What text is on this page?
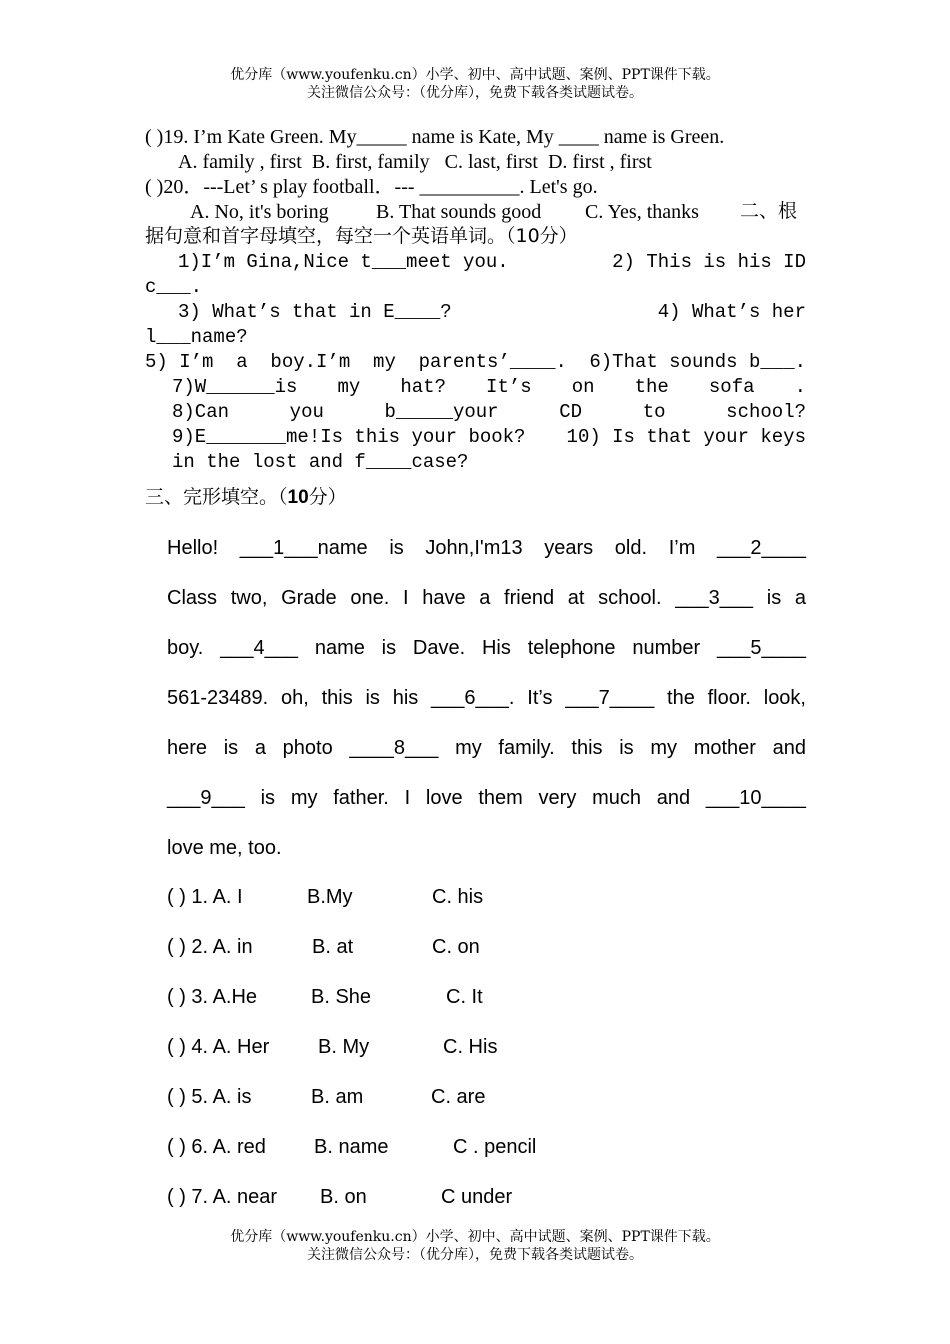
优分库（www.youfenku.cn）小学、初中、高中试题、案例、PPT课件下载。
关注微信公众号：（优分库），免费下载各类试题试卷。
( )19. I’m Kate Green. My_____ name is Kate, My ____ name is Green.
A. family , first  B. first, family   C. last, first  D. first , first
( )20．---Let’ s play football．--- __________. Let's go.
A. No, it's boring B. That sounds good C. Yes, thanks 二、根
据句意和首字母填空，每空一个英语单词。（10分）
1)I’m Gina,Nice t___meet you.	2) This is his ID
c___.
3) What’s that in E____?	4) What’s her
l___name?
5) I’m  a  boy.I’m  my  parents’____.	6)That sounds b___.
7)W______is my hat? It’s on the sofa .
8)Can you b_____your CD to school?
9)E_______me!Is this your book?	10) Is that your keys
in the lost and f____case?
三、完形填空。（10分）
Hello! ___1___name is John,I'm13 years old. I’m ___2____
Class two, Grade one. I have a friend at school. ___3___ is a
boy. ___4___ name is Dave. His telephone number ___5____
561-23489. oh, this is his ___6___. It’s ___7____ the floor. look,
here is a photo ____8___ my family. this is my mother and
___9___ is my father. I love them very much and ___10____
love me, too.
( ) 1. A. I	B.My	C. his
( ) 2. A. in	B. at	C. on
( ) 3. A.He	B. She	C. It
( ) 4. A. Her B. My	C. His
( ) 5. A. is	B. am	C. are
( ) 6. A. red B. name	C . pencil
( ) 7. A. near B. on	C under
优分库（www.youfenku.cn）小学、初中、高中试题、案例、PPT课件下载。
关注微信公众号：（优分库），免费下载各类试题试卷。
